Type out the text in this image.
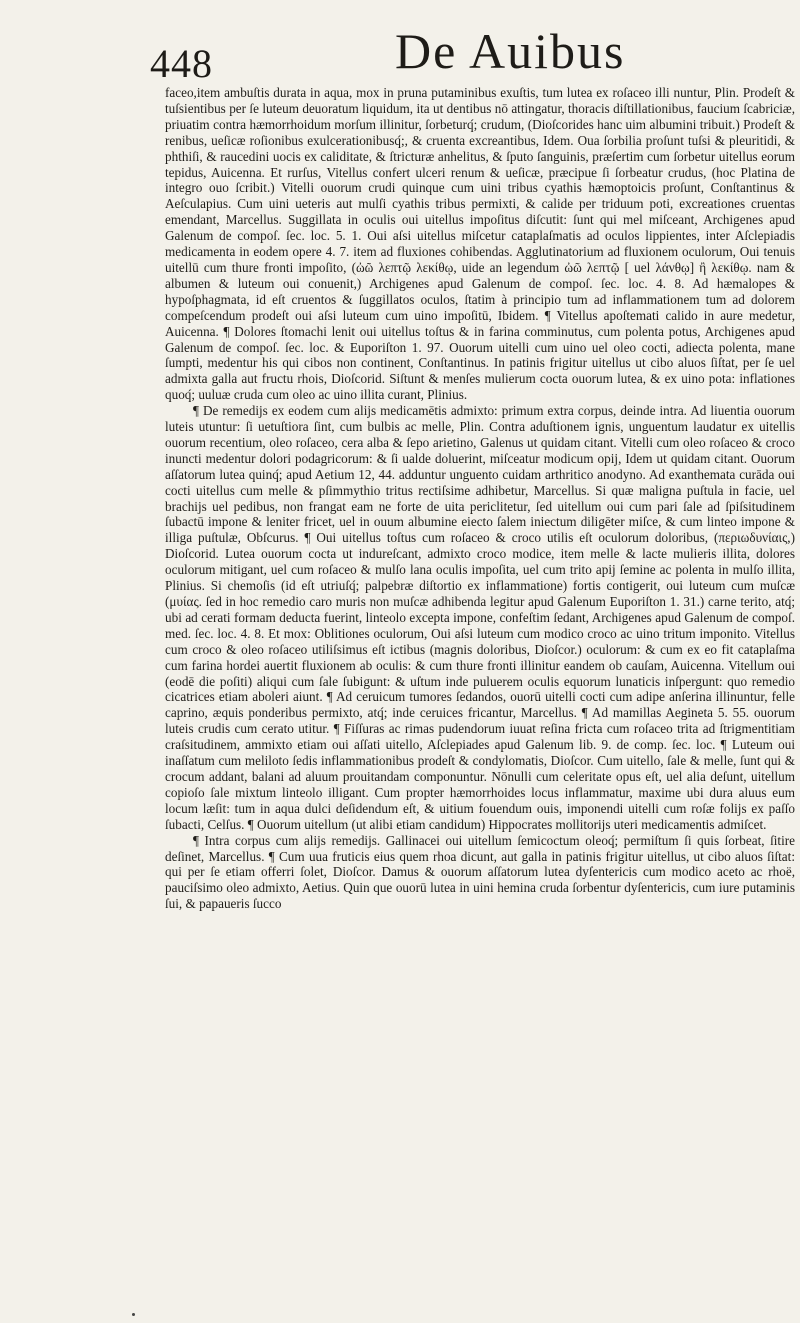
448	De Auibus

faceo,item ambuſtis durata in aqua, mox in pruna putaminibus exuſtis, tum lutea ex roſaceo illi nuntur, Plin. Prodeſt & tuſsientibus per ſe luteum deuoratum liquidum, ita ut dentibus nō attingatur, thoracis diſtillationibus, faucium ſcabriciæ, priuatim contra hæmorrhoidum morſum illinitur, ſorbeturq́; crudum, (Dioſcorides hanc uim albumini tribuit.) Prodeſt & renibus, ueſicæ roſionibus exulcerationibusq́;, & cruenta excreantibus, Idem. Oua ſorbilia proſunt tuſsi & pleuritidi, & phthiſi, & raucedini uocis ex caliditate, & ſtricturæ anhelitus, & ſputo ſanguinis, præſertim cum ſorbetur uitellus eorum tepidus, Auicenna. Et rurſus, Vitellus confert ulceri renum & ueſicæ, præcipue ſi ſorbeatur crudus, (hoc Platina de integro ouo ſcribit.) Vitelli ouorum crudi quinque cum uini tribus cyathis hæmoptoicis proſunt, Conſtantinus & Aeſculapius. Cum uini ueteris aut mulſi cyathis tribus permixti, & calide per triduum poti, excreationes cruentas emendant, Marcellus. Suggillata in oculis oui uitellus impoſitus diſcutit: ſunt qui mel miſceant, Archigenes apud Galenum de compoſ. ſec. loc. 5. 1. Oui aſsi uitellus miſcetur cataplaſmatis ad oculos lippientes, inter Aſclepiadis medicamenta in eodem opere 4. 7. item ad fluxiones cohibendas. Agglutinatorium ad fluxionem oculorum, Oui tenuis uitellū cum thure fronti impoſito, (ὠῶ λεπτῷ λεκίθῳ, uide an legendum ὠῶ λεπτῷ [ uel λάνθῳ] ἢ λεκίθῳ. nam & albumen & luteum oui conuenit,) Archigenes apud Galenum de compoſ. ſec. loc. 4. 8. Ad hæmalopes & hypoſphagmata, id eſt cruentos & ſuggillatos oculos, ſtatim à principio tum ad inflammationem tum ad dolorem compeſcendum prodeſt oui aſsi luteum cum uino impoſitū, Ibidem. ¶ Vitellus apoſtemati calido in aure medetur, Auicenna. ¶ Dolores ſtomachi lenit oui uitellus toſtus & in farina comminutus, cum polenta potus, Archigenes apud Galenum de compoſ. ſec. loc. & Euporiſton 1. 97. Ouorum uitelli cum uino uel oleo cocti, adiecta polenta, mane ſumpti, medentur his qui cibos non continent, Conſtantinus. In patinis frigitur uitellus ut cibo aluos ſiſtat, per ſe uel admixta galla aut fructu rhois, Dioſcorid. Siſtunt & menſes mulierum cocta ouorum lutea, & ex uino pota: inflationes quoq́; uuluæ cruda cum oleo ac uino illita curant, Plinius.

¶ De remedijs ex eodem cum alijs medicamētis admixto: primum extra corpus, deinde intra. Ad liuentia ouorum luteis utuntur: ſi uetuſtiora ſint, cum bulbis ac melle, Plin. Contra aduſtionem ignis, unguentum laudatur ex uitellis ouorum recentium, oleo roſaceo, cera alba & ſepo arietino, Galenus ut quidam citant. Vitelli cum oleo roſaceo & croco inuncti medentur dolori podagricorum: & ſi ualde doluerint, miſceatur modicum opij, Idem ut quidam citant. Ouorum aſſatorum lutea quinq́; apud Aetium 12, 44. adduntur unguento cuidam arthritico anodyno. Ad exanthemata curāda oui cocti uitellus cum melle & pſimmythio tritus rectiſsime adhibetur, Marcellus. Si quæ maligna puſtula in facie, uel brachijs uel pedibus, non frangat eam ne forte de uita periclitetur, ſed uitellum oui cum pari ſale ad ſpiſsitudinem ſubactū impone & leniter fricet, uel in ouum albumine eiecto ſalem iniectum diligēter miſce, & cum linteo impone & illiga puſtulæ, Obſcurus. ¶ Oui uitellus toſtus cum roſaceo & croco utilis eſt oculorum doloribus, (περιωδυνίαις,) Dioſcorid. Lutea ouorum cocta ut indureſcant, admixto croco modice, item melle & lacte mulieris illita, dolores oculorum mitigant, uel cum roſaceo & mulſo lana oculis impoſita, uel cum trito apij ſemine ac polenta in mulſo illita, Plinius. Si chemoſis (id eſt utriuſq́; palpebræ diſtortio ex inflammatione) fortis contigerit, oui luteum cum muſcæ (μυίας. ſed in hoc remedio caro muris non muſcæ adhibenda legitur apud Galenum Euporiſton 1. 31.) carne terito, atq́; ubi ad cerati formam deducta fuerint, linteolo excepta impone, confeſtim ſedant, Archigenes apud Galenum de compoſ. med. ſec. loc. 4. 8. Et mox: Oblitiones oculorum, Oui aſsi luteum cum modico croco ac uino tritum imponito. Vitellus cum croco & oleo roſaceo utiliſsimus eſt ictibus (magnis doloribus, Dioſcor.) oculorum: & cum ex eo fit cataplaſma cum farina hordei auertit fluxionem ab oculis: & cum thure fronti illinitur eandem ob cauſam, Auicenna. Vitellum oui (eodē die poſiti) aliqui cum ſale ſubigunt: & uſtum inde puluerem oculis equorum lunaticis inſpergunt: quo remedio cicatrices etiam aboleri aiunt. ¶ Ad ceruicum tumores ſedandos, ouorū uitelli cocti cum adipe anſerina illinuntur, felle caprino, æquis ponderibus permixto, atq́; inde ceruices fricantur, Marcellus. ¶ Ad mamillas Aegineta 5. 55. ouorum luteis crudis cum cerato utitur. ¶ Fiſſuras ac rimas pudendorum iuuat reſina fricta cum roſaceo trita ad ſtrigmentitiam craſsitudinem, ammixto etiam oui aſſati uitello, Aſclepiades apud Galenum lib. 9. de comp. ſec. loc. ¶ Luteum oui inaſſatum cum meliloto ſedis inflammationibus prodeſt & condylomatis, Dioſcor. Cum uitello, ſale & melle, ſunt qui & crocum addant, balani ad aluum prouitandam componuntur. Nōnulli cum celeritate opus eſt, uel alia deſunt, uitellum copioſo ſale mixtum linteolo illigant. Cum propter hæmorrhoides locus inflammatur, maxime ubi dura aluus eum locum læſit: tum in aqua dulci deſidendum eſt, & uitium fouendum ouis, imponendi uitelli cum roſæ folijs ex paſſo ſubacti, Celſus. ¶ Ouorum uitellum (ut alibi etiam candidum) Hippocrates mollitorijs uteri medicamentis admiſcet.

¶ Intra corpus cum alijs remedijs. Gallinacei oui uitellum ſemicoctum oleoq́; permiſtum ſi quis ſorbeat, ſitire deſinet, Marcellus. ¶ Cum uua fruticis eius quem rhoa dicunt, aut galla in patinis frigitur uitellus, ut cibo aluos ſiſtat: qui per ſe etiam offerri ſolet, Dioſcor. Damus & ouorum aſſatorum lutea dyſentericis cum modico aceto ac rhoë, pauciſsimo oleo admixto, Aetius. Quin que ouorū lutea in uini hemina cruda ſorbentur dyſentericis, cum iure putaminis ſui, & papaueris ſucco
